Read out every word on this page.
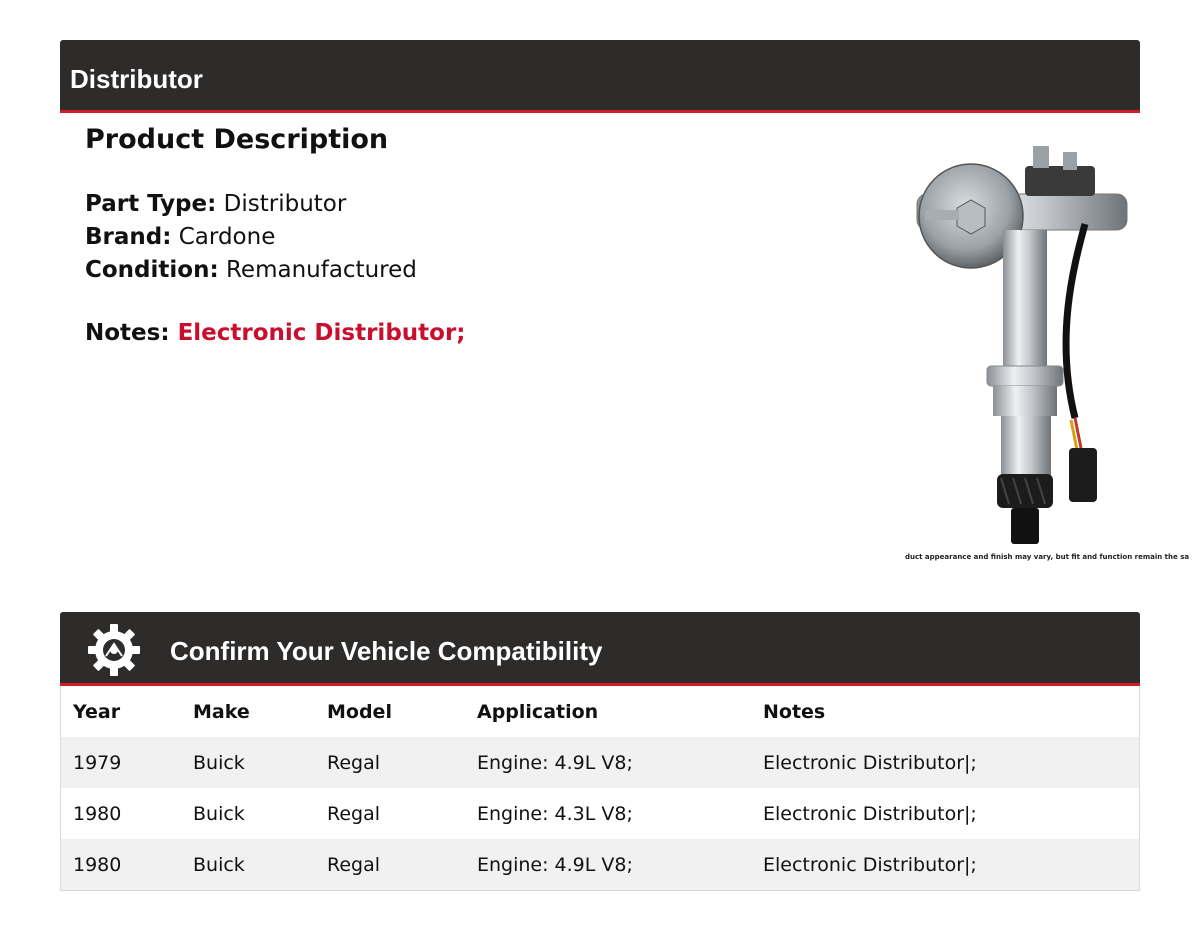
Distributor
Product Description
Part Type: Distributor
Brand: Cardone
Condition: Remanufactured
Notes: Electronic Distributor;
duct appearance and finish may vary, but fit and function remain the sa
Confirm Your Vehicle Compatibility
Year	Make	Model	Application	Notes
1979	Buick	Regal	Engine: 4.9L V8;	Electronic Distributor|;
1980	Buick	Regal	Engine: 4.3L V8;	Electronic Distributor|;
1980	Buick	Regal	Engine: 4.9L V8;	Electronic Distributor|;
